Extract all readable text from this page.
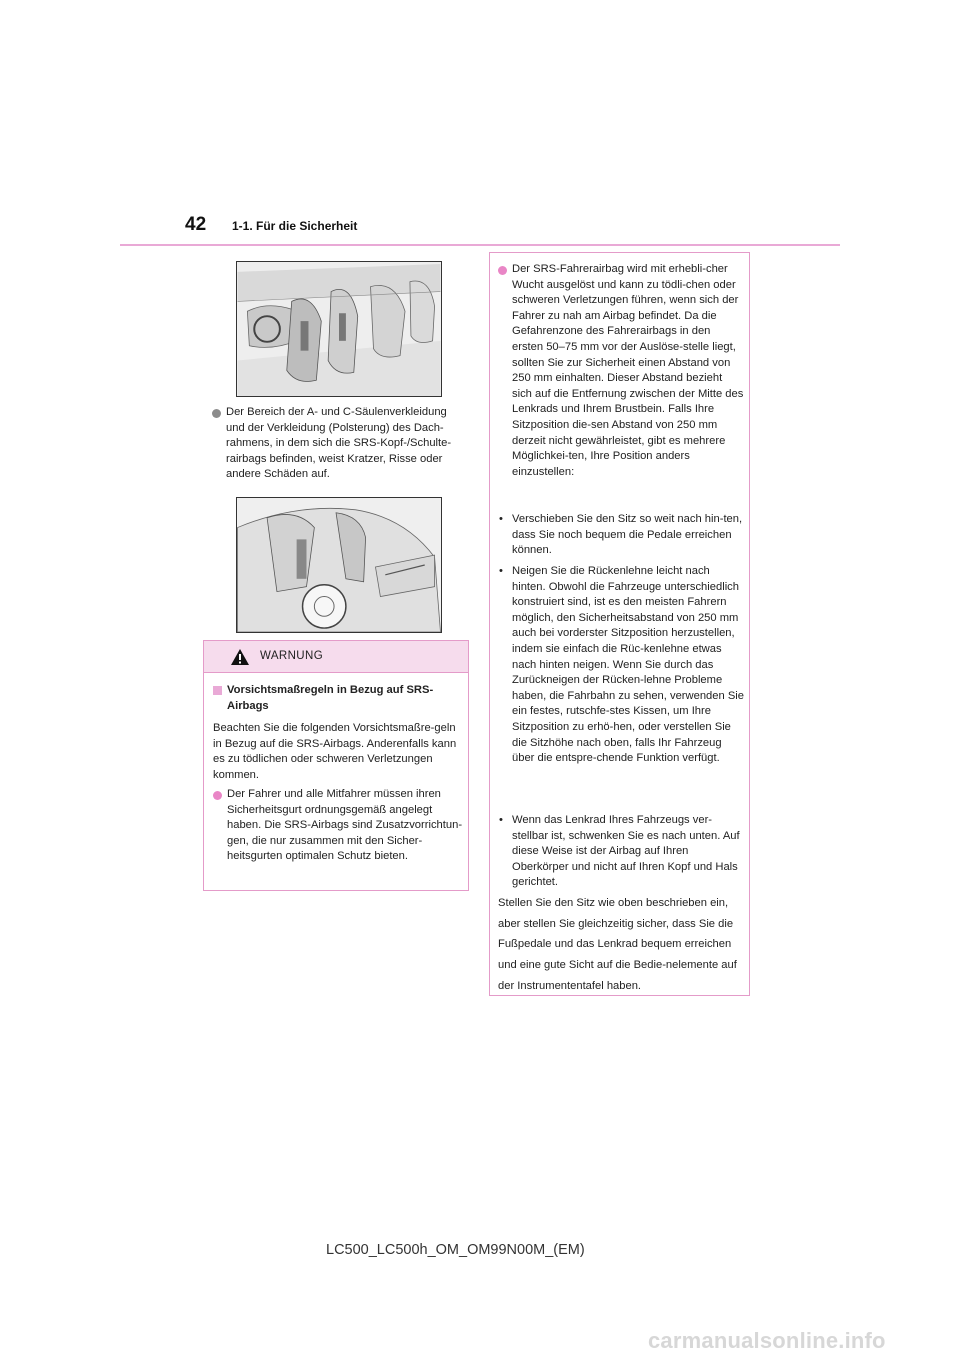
42 1-1. Für die Sicherheit
Der Bereich der A- und C-Säulenverkleidung und der Verkleidung (Polsterung) des Dach-rahmens, in dem sich die SRS-Kopf-/Schulte-rairbags befinden, weist Kratzer, Risse oder andere Schäden auf.
WARNUNG
Vorsichtsmaßregeln in Bezug auf SRS-Airbags
Beachten Sie die folgenden Vorsichtsmaßre-geln in Bezug auf die SRS-Airbags. Anderenfalls kann es zu tödlichen oder schweren Verletzungen kommen.
Der Fahrer und alle Mitfahrer müssen ihren Sicherheitsgurt ordnungsgemäß angelegt haben. Die SRS-Airbags sind Zusatzvorrichtun-gen, die nur zusammen mit den Sicher-heitsgurten optimalen Schutz bieten.
Der SRS-Fahrerairbag wird mit erhebli-cher Wucht ausgelöst und kann zu tödli-chen oder schweren Verletzungen führen, wenn sich der Fahrer zu nah am Airbag befindet. Da die Gefahrenzone des Fahrerairbags in den ersten 50–75 mm vor der Auslöse-stelle liegt, sollten Sie zur Sicherheit einen Abstand von 250 mm einhalten. Dieser Abstand bezieht sich auf die Entfernung zwischen der Mitte des Lenkrads und Ihrem Brustbein. Falls Ihre Sitzposition die-sen Abstand von 250 mm derzeit nicht gewährleistet, gibt es mehrere Möglichkei-ten, Ihre Position anders einzustellen:
• Verschieben Sie den Sitz so weit nach hin-ten, dass Sie noch bequem die Pedale erreichen können.
• Neigen Sie die Rückenlehne leicht nach hinten. Obwohl die Fahrzeuge unterschiedlich konstruiert sind, ist es den meisten Fahrern möglich, den Sicherheitsabstand von 250 mm auch bei vorderster Sitzposition herzustellen, indem sie einfach die Rüc-kenlehne etwas nach hinten neigen. Wenn Sie durch das Zurückneigen der Rücken-lehne Probleme haben, die Fahrbahn zu sehen, verwenden Sie ein festes, rutschfe-stes Kissen, um Ihre Sitzposition zu erhö-hen, oder verstellen Sie die Sitzhöhe nach oben, falls Ihr Fahrzeug über die entspre-chende Funktion verfügt.
• Wenn das Lenkrad Ihres Fahrzeugs ver-stellbar ist, schwenken Sie es nach unten. Auf diese Weise ist der Airbag auf Ihren Oberkörper und nicht auf Ihren Kopf und Hals gerichtet.
Stellen Sie den Sitz wie oben beschrieben ein, aber stellen Sie gleichzeitig sicher, dass Sie die Fußpedale und das Lenkrad bequem erreichen und eine gute Sicht auf die Bedie-nelemente auf der Instrumententafel haben.
LC500_LC500h_OM_OM99N00M_(EM)
carmanualsonline.info
